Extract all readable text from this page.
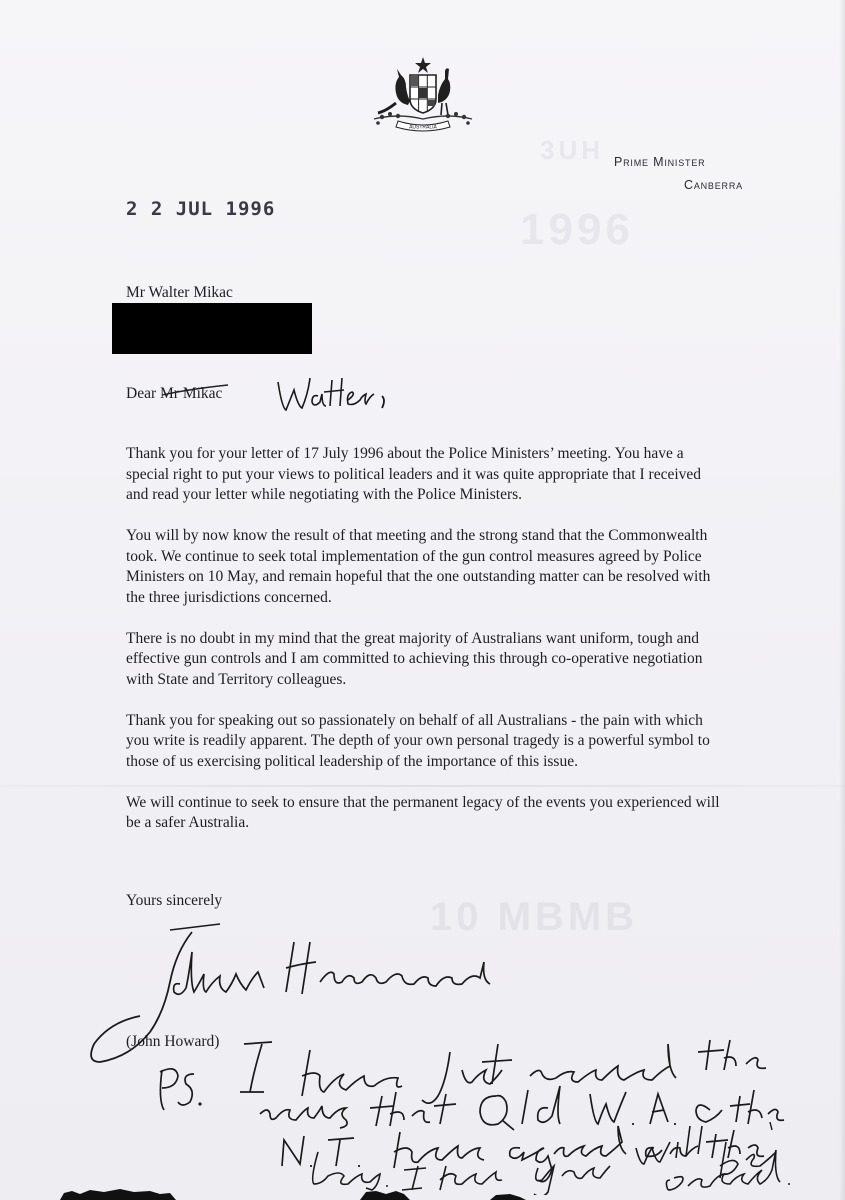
1996
3UH
10 MBMB
AUSTRALIA
Prime Minister
Canberra
2 2 JUL 1996
Mr Walter Mikac
Dear Mr Mikac

Thank you for your letter of 17 July 1996 about the Police Ministers’ meeting. You have a special right to put your views to political leaders and it was quite appropriate that I received and read your letter while negotiating with the Police Ministers.

You will by now know the result of that meeting and the strong stand that the Commonwealth took. We continue to seek total implementation of the gun control measures agreed by Police Ministers on 10 May, and remain hopeful that the one outstanding matter can be resolved with the three jurisdictions concerned.

There is no doubt in my mind that the great majority of Australians want uniform, tough and effective gun controls and I am committed to achieving this through co-operative negotiation with State and Territory colleagues.

Thank you for speaking out so passionately on behalf of all Australians - the pain with which you write is readily apparent. The depth of your own personal tragedy is a powerful symbol to those of us exercising political leadership of the importance of this issue.

We will continue to seek to ensure that the permanent legacy of the events you experienced will be a safer Australia.

Yours sincerely
(John Howard)
